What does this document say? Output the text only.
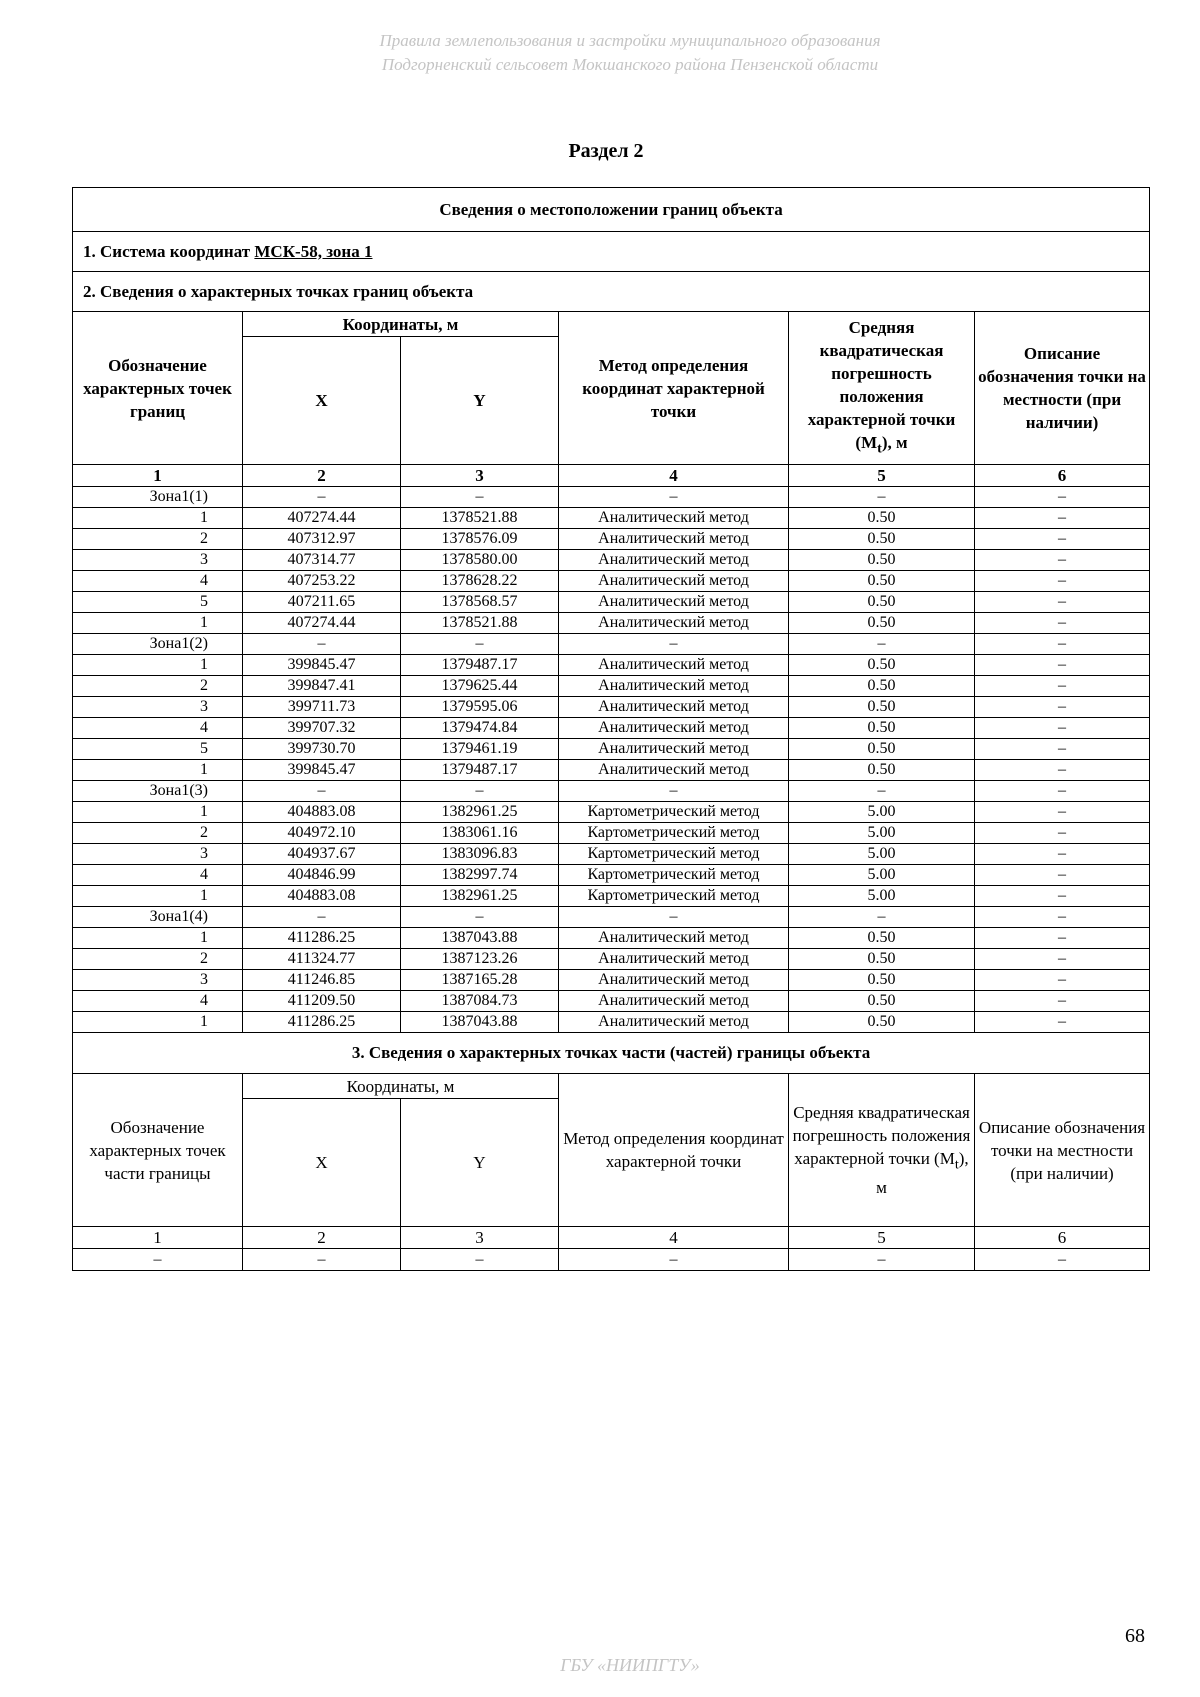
Правила землепользования и застройки муниципального образования
Подгорненский сельсовет Мокшанского района Пензенской области
Раздел 2
Сведения о местоположении границ объекта					
1. Система координат МСК-58, зона 1					
2. Сведения о характерных точках границ объекта					
Обозначение характерных точек границ	Координаты, м		Метод определения координат характерной точки	Средняя квадратическая погрешность положения характерной точки $(M_t)$, м	Описание обозначения точки на местности (при наличии)
	X	Y			
1	2	3	4	5	6
Зона1(1)	–	–	–	–	–
1	407274.44	1378521.88	Аналитический метод	0.50	–
2	407312.97	1378576.09	Аналитический метод	0.50	–
3	407314.77	1378580.00	Аналитический метод	0.50	–
4	407253.22	1378628.22	Аналитический метод	0.50	–
5	407211.65	1378568.57	Аналитический метод	0.50	–
1	407274.44	1378521.88	Аналитический метод	0.50	–
Зона1(2)	–	–	–	–	–
1	399845.47	1379487.17	Аналитический метод	0.50	–
2	399847.41	1379625.44	Аналитический метод	0.50	–
3	399711.73	1379595.06	Аналитический метод	0.50	–
4	399707.32	1379474.84	Аналитический метод	0.50	–
5	399730.70	1379461.19	Аналитический метод	0.50	–
1	399845.47	1379487.17	Аналитический метод	0.50	–
Зона1(3)	–	–	–	–	–
1	404883.08	1382961.25	Картометрический метод	5.00	–
2	404972.10	1383061.16	Картометрический метод	5.00	–
3	404937.67	1383096.83	Картометрический метод	5.00	–
4	404846.99	1382997.74	Картометрический метод	5.00	–
1	404883.08	1382961.25	Картометрический метод	5.00	–
Зона1(4)	–	–	–	–	–
1	411286.25	1387043.88	Аналитический метод	0.50	–
2	411324.77	1387123.26	Аналитический метод	0.50	–
3	411246.85	1387165.28	Аналитический метод	0.50	–
4	411209.50	1387084.73	Аналитический метод	0.50	–
1	411286.25	1387043.88	Аналитический метод	0.50	–
3. Сведения о характерных точках части (частей) границы объекта					
Обозначение характерных точек части границы	Координаты, м		Метод определения координат характерной точки	Средняя квадратическая погрешность положения характерной точки $(M_t)$, м	Описание обозначения точки на местности (при наличии)
	X	Y			
1	2	3	4	5	6
–	–	–	–	–	–
68
ГБУ «НИИПГТУ»
